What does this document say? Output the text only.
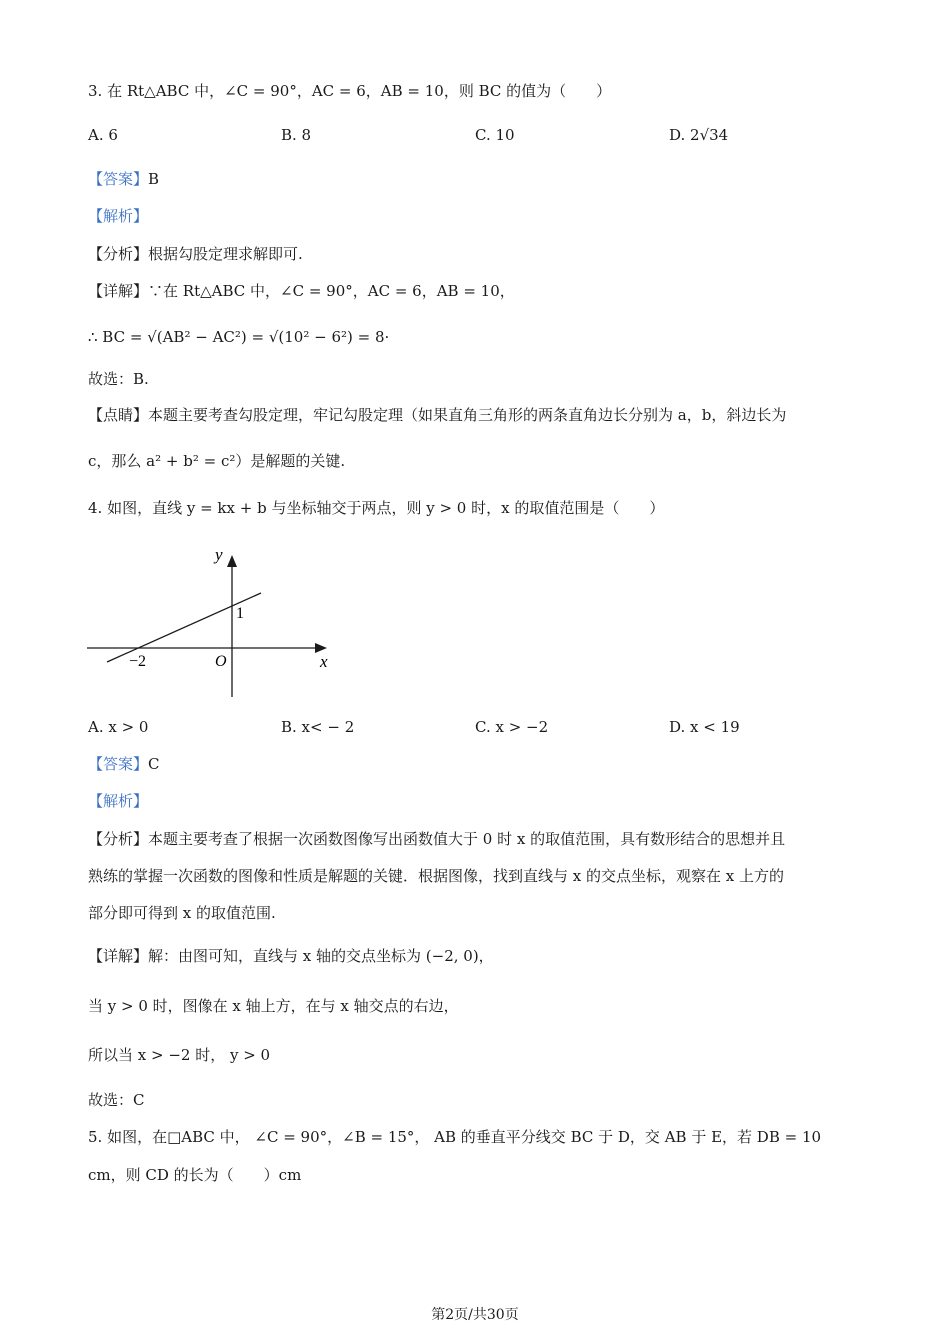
3. 在 Rt△ABC 中，∠C = 90°，AC = 6，AB = 10，则 BC 的值为（　　）
A. 6	B. 8	C. 10	D. 2√34
【答案】B
【解析】
【分析】根据勾股定理求解即可.
【详解】∵在 Rt△ABC 中，∠C = 90°，AC = 6，AB = 10，
∴ BC = √(AB² − AC²) = √(10² − 6²) = 8·
故选：B.
【点睛】本题主要考查勾股定理，牢记勾股定理（如果直角三角形的两条直角边长分别为 a，b，斜边长为
c，那么 a² + b² = c²）是解题的关键.
4. 如图，直线 y = kx + b 与坐标轴交于两点，则 y > 0 时，x 的取值范围是（　　）
y
x
O
1
−2
A. x > 0	B. x< − 2	C. x > −2	D. x < 19
【答案】C
【解析】
【分析】本题主要考查了根据一次函数图像写出函数值大于 0 时 x 的取值范围，具有数形结合的思想并且
熟练的掌握一次函数的图像和性质是解题的关键．根据图像，找到直线与 x 的交点坐标，观察在 x 上方的
部分即可得到 x 的取值范围.
【详解】解：由图可知，直线与 x 轴的交点坐标为 (−2, 0)，
当 y > 0 时，图像在 x 轴上方，在与 x 轴交点的右边，
所以当 x > −2 时， y > 0
故选：C
5. 如图，在□ABC 中， ∠C = 90°，∠B = 15°， AB 的垂直平分线交 BC 于 D，交 AB 于 E，若 DB = 10
cm，则 CD 的长为（　　）cm
第2页/共30页
